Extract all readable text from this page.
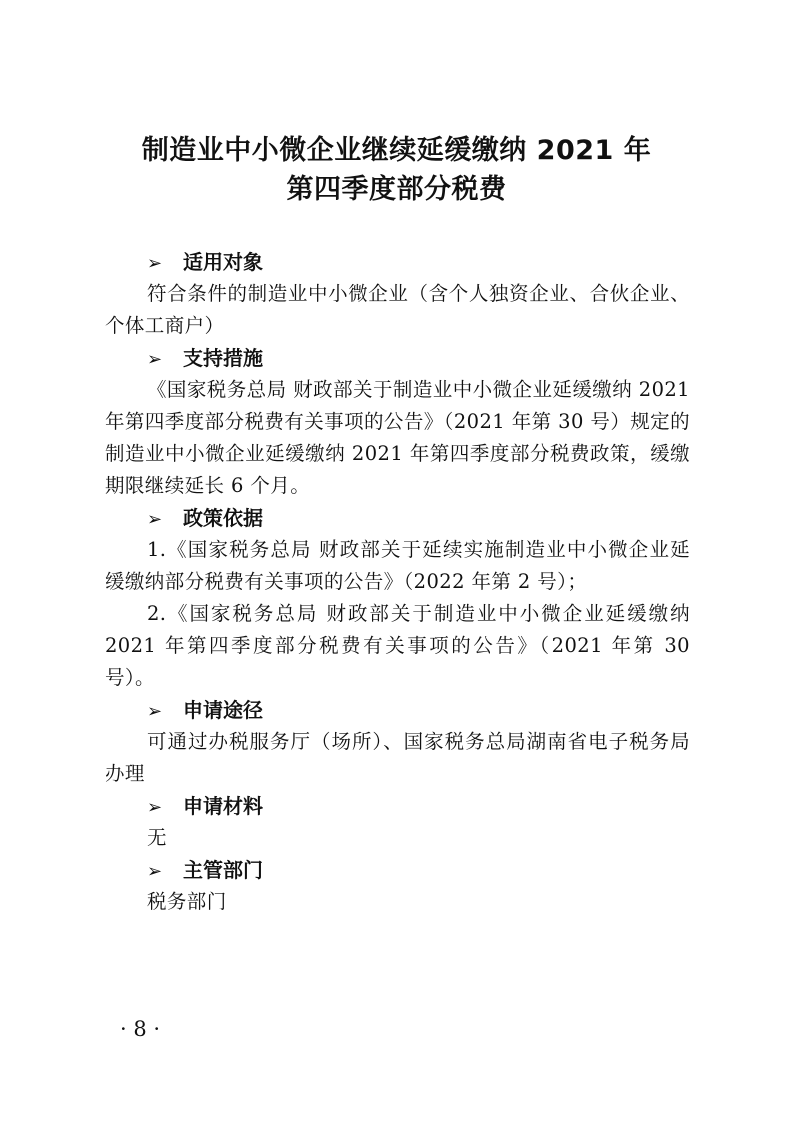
制造业中小微企业继续延缓缴纳 2021 年
第四季度部分税费
➢ 适用对象

符合条件的制造业中小微企业（含个人独资企业、合伙企业、个体工商户）

➢ 支持措施

《国家税务总局 财政部关于制造业中小微企业延缓缴纳 2021 年第四季度部分税费有关事项的公告》（2021 年第 30 号）规定的制造业中小微企业延缓缴纳 2021 年第四季度部分税费政策，缓缴期限继续延长 6 个月。

➢ 政策依据

1.《国家税务总局 财政部关于延续实施制造业中小微企业延缓缴纳部分税费有关事项的公告》（2022 年第 2 号）；

2.《国家税务总局 财政部关于制造业中小微企业延缓缴纳 2021 年第四季度部分税费有关事项的公告》（2021 年第 30 号）。

➢ 申请途径

可通过办税服务厅（场所）、国家税务总局湖南省电子税务局办理

➢ 申请材料

无

➢ 主管部门

税务部门

· 8 ·
